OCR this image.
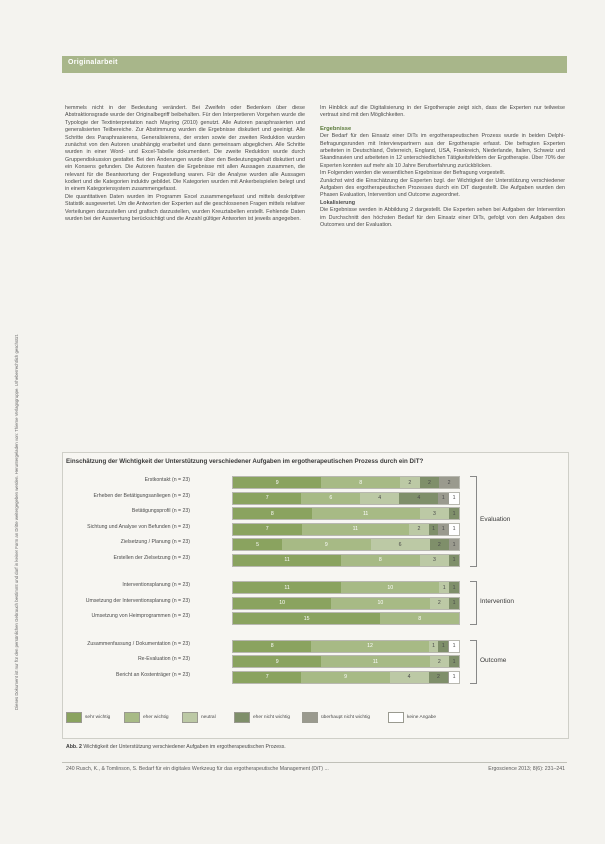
Originalarbeit
Dieses Dokument ist nur für den persönlichen Gebrauch bestimmt und darf in keiner Form an Dritte weitergegeben werden. Heruntergeladen von: Thieme Verlagsgruppe. Urheberrechtlich geschützt.

hemmels nicht in der Bedeutung verändert. Bei Zweifeln oder Bedenken über diese Abstraktionsgrade wurde der Originalbegriff beibehalten. Für den Interpretieren Vorgehen wurde die Typologie der Textinterpretation nach Mayring (2010) genutzt. Alle Autoren paraphrasierten und generalisierten Teilbereiche. Zur Abstimmung wurden die Ergebnisse diskutiert und geeinigt. Alle Schritte des Paraphrasierens, Generalisierens, der ersten sowie der zweiten Reduktion wurden zunächst von den Autoren unabhängig erarbeitet und dann gemeinsam abgeglichen. Alle Schritte wurden in einer Word- und Excel-Tabelle dokumentiert. Die zweite Reduktion wurde durch Gruppendiskussion gestaltet. Bei den Änderungen wurde über den Bedeutungsgehalt diskutiert und ein Konsens gefunden. Die Autoren fassten die Ergebnisse mit allen Aussagen zusammen, die relevant für die Beantwortung der Fragestellung waren. Für die Analyse wurden alle Aussagen kodiert und die Kategorien induktiv gebildet. Die Kategorien wurden mit Ankerbeispielen belegt und in einem Kategoriensystem zusammengefasst.

Die quantitativen Daten wurden im Programm Excel zusammengefasst und mittels deskriptiver Statistik ausgewertet. Um die Antworten der Experten auf die geschlossenen Fragen mittels relativer Verteilungen darzustellen und grafisch darzustellen, wurden Kreuztabellen erstellt. Fehlende Daten wurden bei der Auswertung berücksichtigt und die Anzahl gültiger Antworten ist jeweils angegeben.

Im Hinblick auf die Digitalisierung in der Ergotherapie zeigt sich, dass die Experten nur teilweise vertraut sind mit den Möglichkeiten.

Ergebnisse

Der Bedarf für den Einsatz einer DiTs im ergotherapeutischen Prozess wurde in beiden Delphi-Befragungsrunden mit Interviewpartnern aus der Ergotherapie erfasst. Die befragten Experten arbeiteten in Deutschland, Österreich, England, USA, Frankreich, Niederlande, Italien, Schweiz und Skandinavien und arbeiteten in 12 unterschiedlichen Tätigkeitsfeldern der Ergotherapie. Über 70% der Experten konnten auf mehr als 10 Jahre Berufserfahrung zurückblicken.

Im Folgenden werden die wesentlichen Ergebnisse der Befragung vorgestellt.

Zunächst wird die Einschätzung der Experten bzgl. der Wichtigkeit der Unterstützung verschiedener Aufgaben des ergotherapeutischen Prozesses durch ein DiT dargestellt. Die Aufgaben wurden den Phasen Evaluation, Intervention und Outcome zugeordnet.

Lokalisierung

Die Ergebnisse werden in Abbildung 2 dargestellt. Die Experten sehen bei Aufgaben der Intervention im Durchschnitt den höchsten Bedarf für den Einsatz einer DiTs, gefolgt von den Aufgaben des Outcomes und der Evaluation.

Einschätzung der Wichtigkeit der Unterstützung verschiedener Aufgaben im ergotherapeutischen Prozess durch ein DiT?
Erstkontakt (n = 23)	9	8	2	2	2
Erheben der Betätigungsanliegen (n = 23)	7	6	4	4	1	1
Betätigungsprofil (n = 23)	8	11	3	1
Sichtung und Analyse von Befunden (n = 23)	7	11	2	1	1	1
Zielsetzung / Planung (n = 23)	5	9	6	2	1
Erstellen der Zielsetzung (n = 23)	11	8	3	1
Interventionsplanung (n = 23)	11	10	1	1
Umsetzung der Interventionsplanung (n = 23)	10	10	2	1
Umsetzung von Heimprogrammen (n = 23)	15	8
Zusammenfassung / Dokumentation (n = 23)	8	12	1	1	1
Re-Evaluation (n = 23)	9	11	2	1
Bericht an Kostenträger (n = 23)	7	9	4	2	1
Evaluation
Intervention
Outcome
sehr wichtig	eher wichtig	neutral	eher nicht wichtig	überhaupt nicht wichtig	keine Angabe
Abb. 2 Wichtigkeit der Unterstützung verschiedener Aufgaben im ergotherapeutischen Prozess.
240 Rusch, K., & Tomlinson, S. Bedarf für ein digitales Werkzeug für das ergotherapeutische Management (DiT) ...	Ergoscience 2013; 8(6): 231–241
